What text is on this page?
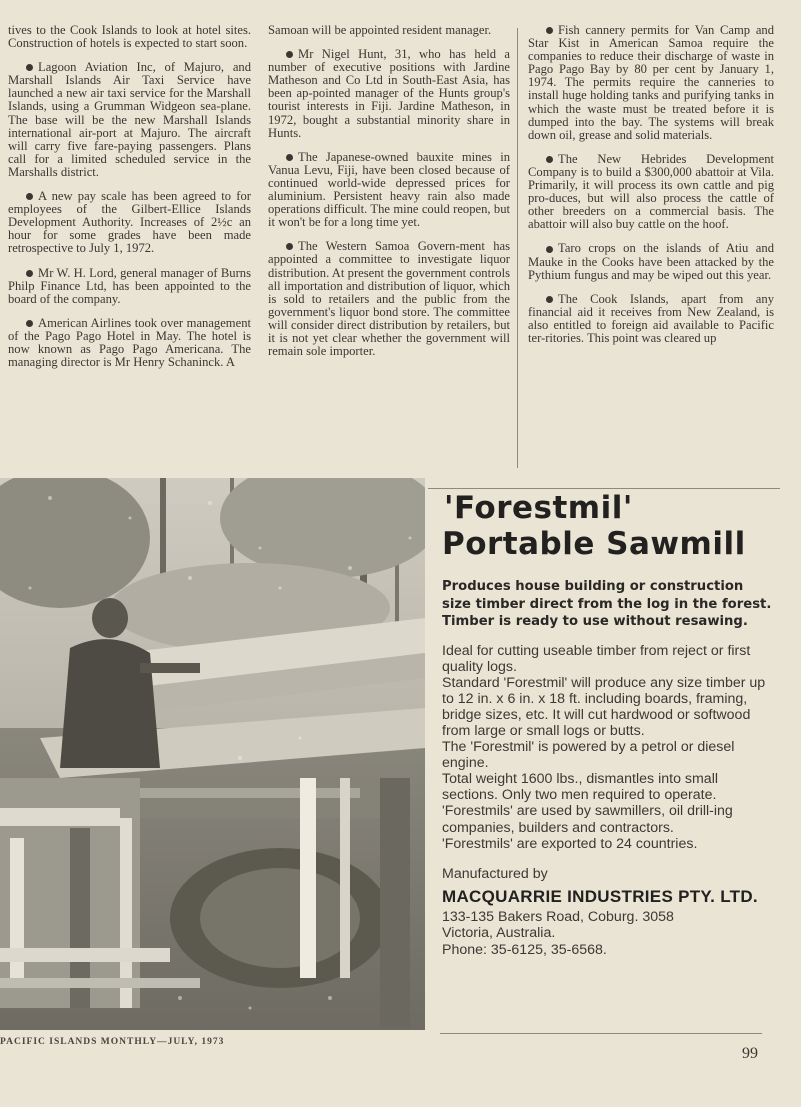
tives to the Cook Islands to look at hotel sites. Construction of hotels is expected to start soon.

Lagoon Aviation Inc, of Majuro, and Marshall Islands Air Taxi Service have launched a new air taxi service for the Marshall Islands, using a Grumman Widgeon sea-plane. The base will be the new Marshall Islands international air-port at Majuro. The aircraft will carry five fare-paying passengers. Plans call for a limited scheduled service in the Marshalls district.

A new pay scale has been agreed to for employees of the Gilbert-Ellice Islands Development Authority. Increases of 2½c an hour for some grades have been made retrospective to July 1, 1972.

Mr W. H. Lord, general manager of Burns Philp Finance Ltd, has been appointed to the board of the company.

American Airlines took over management of the Pago Pago Hotel in May. The hotel is now known as Pago Pago Americana. The managing director is Mr Henry Schaninck. A

Samoan will be appointed resident manager.

Mr Nigel Hunt, 31, who has held a number of executive positions with Jardine Matheson and Co Ltd in South-East Asia, has been ap-pointed manager of the Hunts group's tourist interests in Fiji. Jardine Matheson, in 1972, bought a substantial minority share in Hunts.

The Japanese-owned bauxite mines in Vanua Levu, Fiji, have been closed because of continued world-wide depressed prices for aluminium. Persistent heavy rain also made operations difficult. The mine could reopen, but it won't be for a long time yet.

The Western Samoa Govern-ment has appointed a committee to investigate liquor distribution. At present the government controls all importation and distribution of liquor, which is sold to retailers and the public from the government's liquor bond store. The committee will consider direct distribution by retailers, but it is not yet clear whether the government will remain sole importer.

Fish cannery permits for Van Camp and Star Kist in American Samoa require the companies to reduce their discharge of waste in Pago Pago Bay by 80 per cent by January 1, 1974. The permits require the canneries to install huge holding tanks and purifying tanks in which the waste must be treated before it is dumped into the bay. The systems will break down oil, grease and solid materials.

The New Hebrides Development Company is to build a $300,000 abattoir at Vila. Primarily, it will process its own cattle and pig pro-duces, but will also process the cattle of other breeders on a commercial basis. The abattoir will also buy cattle on the hoof.

Taro crops on the islands of Atiu and Mauke in the Cooks have been attacked by the Pythium fungus and may be wiped out this year.

The Cook Islands, apart from any financial aid it receives from New Zealand, is also entitled to foreign aid available to Pacific ter-ritories. This point was cleared up

'Forestmil'

Portable Sawmill

Produces house building or construction size timber direct from the log in the forest. Timber is ready to use without resawing.

Ideal for cutting useable timber from reject or first quality logs.

Standard 'Forestmil' will produce any size timber up to 12 in. x 6 in. x 18 ft. including boards, framing, bridge sizes, etc. It will cut hardwood or softwood from large or small logs or butts.

The 'Forestmil' is powered by a petrol or diesel engine.

Total weight 1600 lbs., dismantles into small sections. Only two men required to operate. 'Forestmils' are used by sawmillers, oil drill-ing companies, builders and contractors.

'Forestmils' are exported to 24 countries.

Manufactured by

MACQUARRIE INDUSTRIES PTY. LTD.

133-135 Bakers Road, Coburg. 3058

Victoria, Australia.

Phone: 35-6125, 35-6568.

PACIFIC ISLANDS MONTHLY—JULY, 1973
99
